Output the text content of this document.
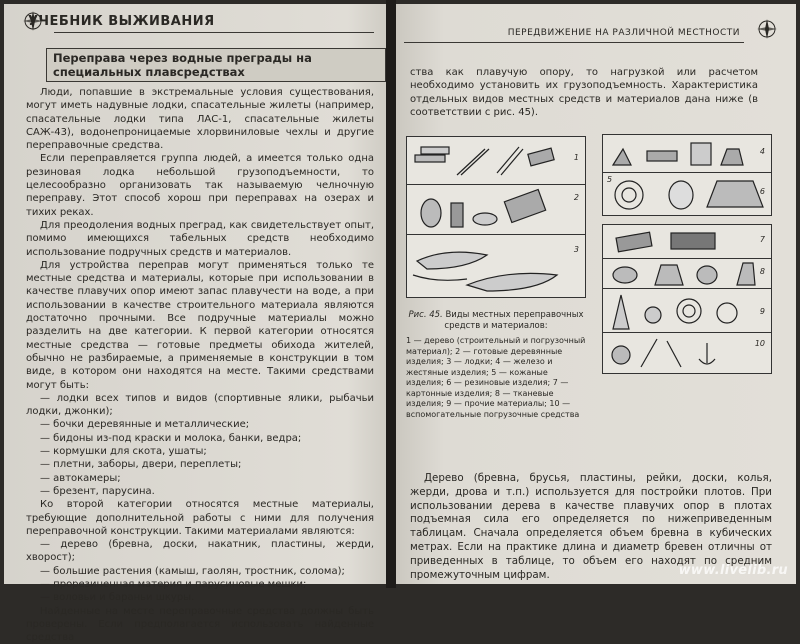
УЧЕБНИК ВЫЖИВАНИЯ
Переправа через водные преграды на специальных плавсредствах

Люди, попавшие в экстремальные условия существования, могут иметь надувные лодки, спасательные жилеты (например, спасательные лодки типа ЛАС-1, спасательные жилеты САЖ-43), водонепроницаемые хлорвиниловые чехлы и другие переправочные средства.

Если переправляется группа людей, а имеется только одна резиновая лодка небольшой грузоподъемности, то целесообразно организовать так называемую челночную переправу. Этот способ хорош при переправах на озерах и тихих реках.

Для преодоления водных преград, как свидетельствует опыт, помимо имеющихся табельных средств необходимо использование подручных средств и материалов.

Для устройства переправ могут применяться только те местные средства и материалы, которые при использовании в качестве плавучих опор имеют запас плавучести на воде, а при использовании в качестве строительного материала являются достаточно прочными. Все подручные материалы можно разделить на две категории. К первой категории относятся местные средства — готовые предметы обихода жителей, обычно не разбираемые, а применяемые в конструкции в том виде, в котором они находятся на месте. Такими средствами могут быть:

— лодки всех типов и видов (спортивные ялики, рыбачьи лодки, джонки);

— бочки деревянные и металлические;

— бидоны из-под краски и молока, банки, ведра;

— кормушки для скота, ушаты;

— плетни, заборы, двери, переплеты;

— автокамеры;

— брезент, парусина.

Ко второй категории относятся местные материалы, требующие дополнительной работы с ними для получения переправочной конструкции. Такими материалами являются:

— дерево (бревна, доски, накатник, пластины, жерди, хворост);

— большие растения (камыш, гаолян, тростник, солома);

— прорезиненная материя и парусиновые мешки;

— воловьи и бараньи шкуры.

Найденные на месте переправочные средства должны быть проверены. Если предполагается использовать найденные средства

ПЕРЕДВИЖЕНИЕ НА РАЗЛИЧНОЙ МЕСТНОСТИ
ства как плавучую опору, то нагрузкой или расчетом необходимо установить их грузоподъемность. Характеристика отдельных видов местных средств и материалов дана ниже (в соответствии с рис. 45).
1
2
3
4
5
6
7
8
9
10
Рис. 45. Виды местных переправочных средств и материалов:
1 — дерево (строительный и погрузочный материал); 2 — готовые деревянные изделия; 3 — лодки; 4 — железо и жестяные изделия; 5 — кожаные изделия; 6 — резиновые изделия; 7 — картонные изделия; 8 — тканевые изделия; 9 — прочие материалы; 10 — вспомогательные погрузочные средства

Дерево (бревна, брусья, пластины, рейки, доски, колья, жерди, дрова и т.п.) используется для постройки плотов. При использовании дерева в качестве плавучих опор в плотах подъемная сила его определяется по нижеприведенным таблицам. Сначала определяется объем бревна в кубических метрах. Если на практике длина и диаметр бревен отличны от приведенных в таблице, то объем его находят по средним промежуточным цифрам.	www.livelib.ru
